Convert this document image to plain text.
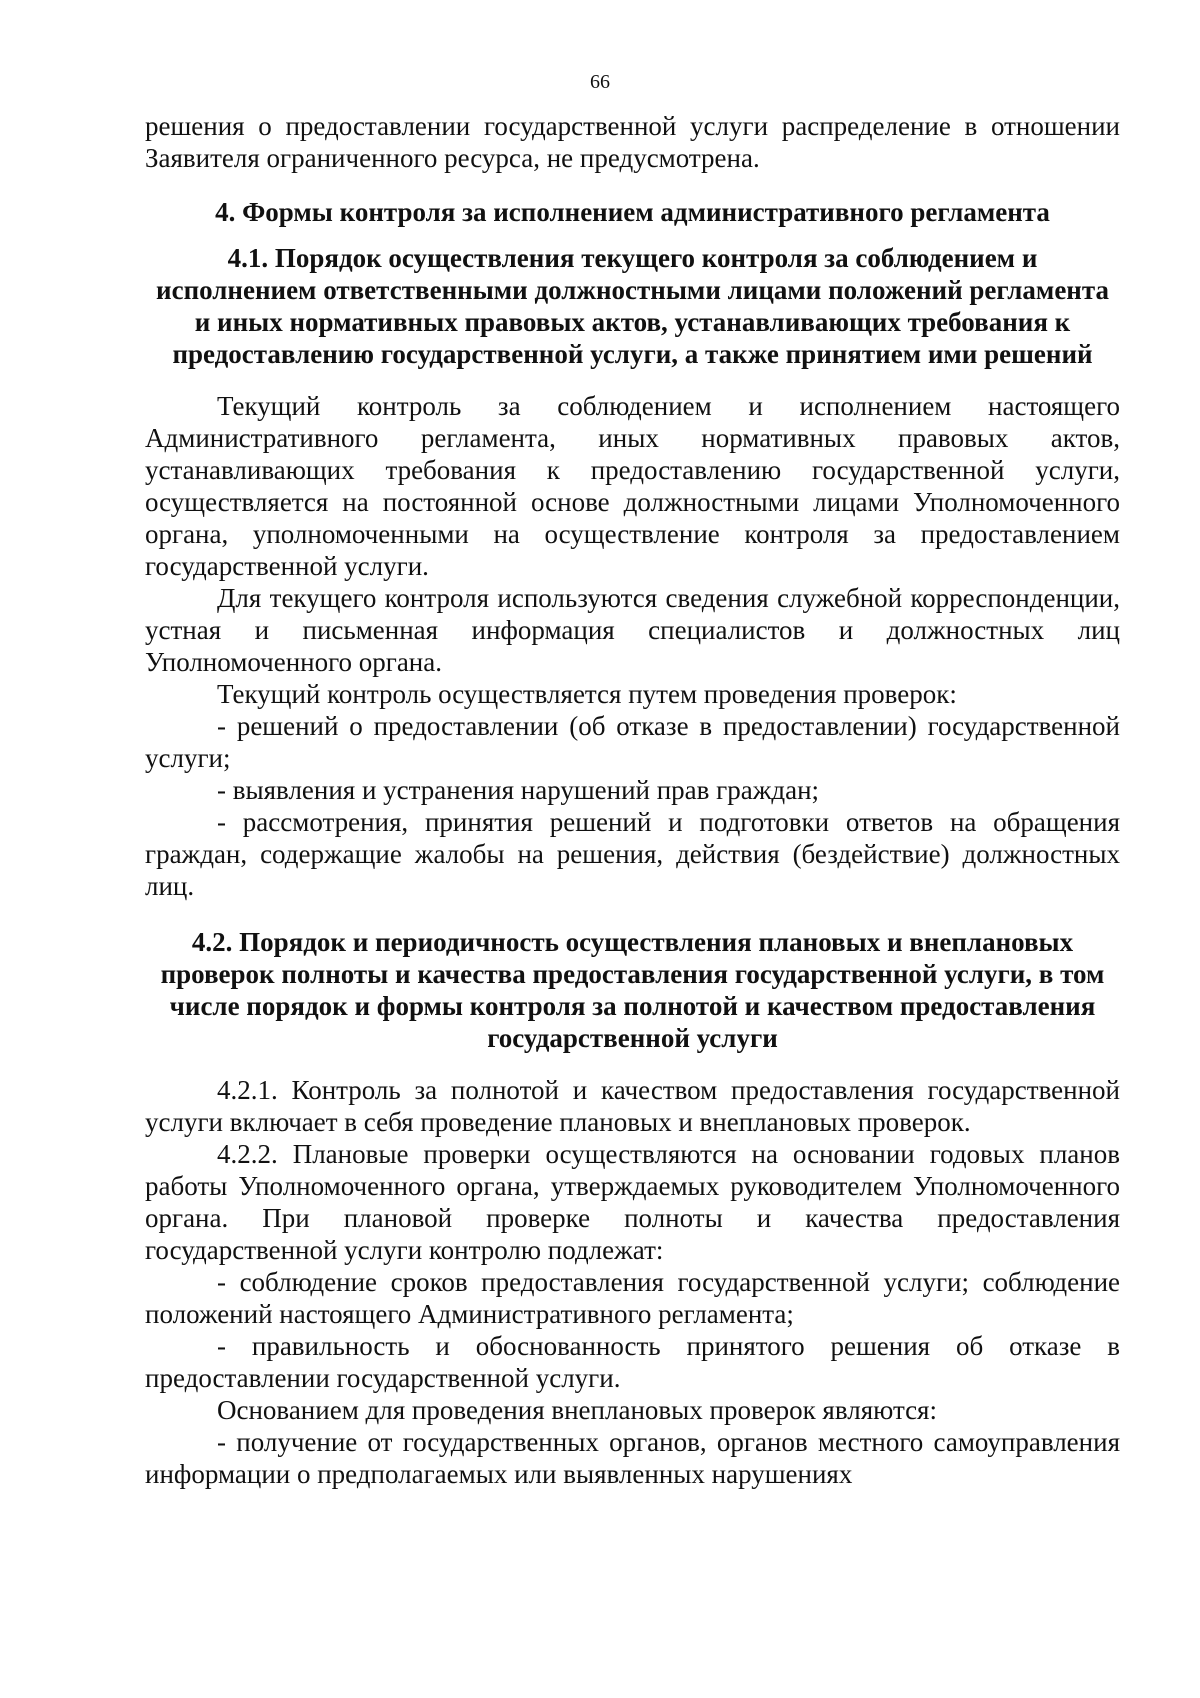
66

решения о предоставлении государственной услуги распределение в отношении Заявителя ограниченного ресурса, не предусмотрена.

4. Формы контроля за исполнением административного регламента

4.1. Порядок осуществления текущего контроля за соблюдением и исполнением ответственными должностными лицами положений регламента и иных нормативных правовых актов, устанавливающих требования к предоставлению государственной услуги, а также принятием ими решений

Текущий контроль за соблюдением и исполнением настоящего Административного регламента, иных нормативных правовых актов, устанавливающих требования к предоставлению государственной услуги, осуществляется на постоянной основе должностными лицами Уполномоченного органа, уполномоченными на осуществление контроля за предоставлением государственной услуги.

Для текущего контроля используются сведения служебной корреспонденции, устная и письменная информация специалистов и должностных лиц Уполномоченного органа.

Текущий контроль осуществляется путем проведения проверок:

- решений о предоставлении (об отказе в предоставлении) государственной услуги;

- выявления и устранения нарушений прав граждан;

- рассмотрения, принятия решений и подготовки ответов на обращения граждан, содержащие жалобы на решения, действия (бездействие) должностных лиц.

4.2. Порядок и периодичность осуществления плановых и внеплановых проверок полноты и качества предоставления государственной услуги, в том числе порядок и формы контроля за полнотой и качеством предоставления государственной услуги

4.2.1. Контроль за полнотой и качеством предоставления государственной услуги включает в себя проведение плановых и внеплановых проверок.

4.2.2. Плановые проверки осуществляются на основании годовых планов работы Уполномоченного органа, утверждаемых руководителем Уполномоченного органа. При плановой проверке полноты и качества предоставления государственной услуги контролю подлежат:

- соблюдение сроков предоставления государственной услуги; соблюдение положений настоящего Административного регламента;

- правильность и обоснованность принятого решения об отказе в предоставлении государственной услуги.

Основанием для проведения внеплановых проверок являются:

- получение от государственных органов, органов местного самоуправления информации о предполагаемых или выявленных нарушениях
